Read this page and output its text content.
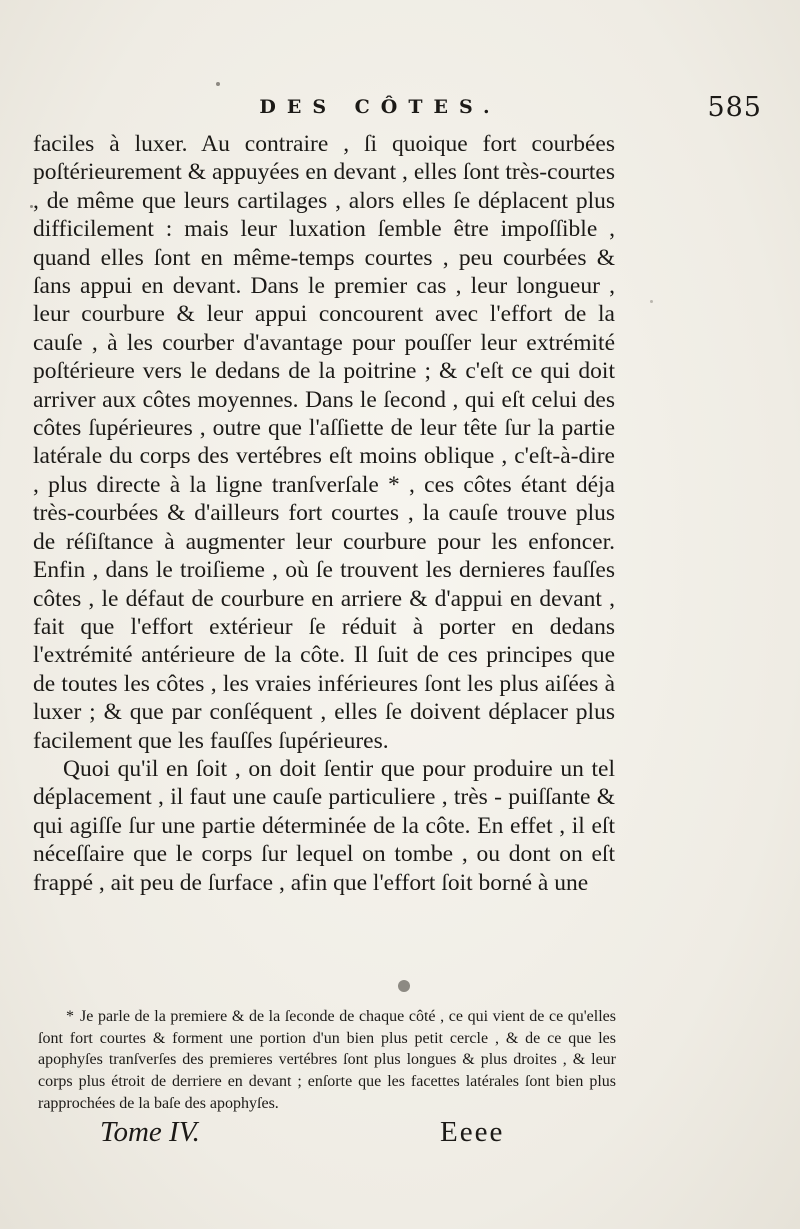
DES CÔTES.	585

faciles à luxer. Au contraire , ſi quoique fort courbées poſtérieurement & appuyées en devant , elles ſont très-courtes , de même que leurs cartilages , alors elles ſe déplacent plus difficilement : mais leur luxation ſemble être impoſſible , quand elles ſont en même-temps courtes , peu courbées & ſans appui en devant. Dans le premier cas , leur longueur , leur courbure & leur appui concourent avec l'effort de la cauſe , à les courber d'avantage pour pouſſer leur extrémité poſtérieure vers le dedans de la poitrine ; & c'eſt ce qui doit arriver aux côtes moyennes. Dans le ſecond , qui eſt celui des côtes ſupérieures , outre que l'aſſiette de leur tête ſur la partie latérale du corps des vertébres eſt moins oblique , c'eſt-à-dire , plus directe à la ligne tranſverſale * , ces côtes étant déja très-courbées & d'ailleurs fort courtes , la cauſe trouve plus de réſiſtance à augmenter leur courbure pour les enfoncer. Enfin , dans le troiſieme , où ſe trouvent les dernieres fauſſes côtes , le défaut de courbure en arriere & d'appui en devant , fait que l'effort extérieur ſe réduit à porter en dedans l'extrémité antérieure de la côte. Il ſuit de ces principes que de toutes les côtes , les vraies inférieures ſont les plus aiſées à luxer ; & que par conſéquent , elles ſe doivent déplacer plus facilement que les fauſſes ſupérieures.

Quoi qu'il en ſoit , on doit ſentir que pour produire un tel déplacement , il faut une cauſe particuliere , très - puiſſante & qui agiſſe ſur une partie déterminée de la côte. En effet , il eſt néceſſaire que le corps ſur lequel on tombe , ou dont on eſt frappé , ait peu de ſurface , afin que l'effort ſoit borné à une

* Je parle de la premiere & de la ſeconde de chaque côté , ce qui vient de ce qu'elles ſont fort courtes & forment une portion d'un bien plus petit cercle , & de ce que les apophyſes tranſverſes des premieres vertébres ſont plus longues & plus droites , & leur corps plus étroit de derriere en devant ; enſorte que les facettes latérales ſont bien plus rapprochées de la baſe des apophyſes.
Tome IV.	Eeee
